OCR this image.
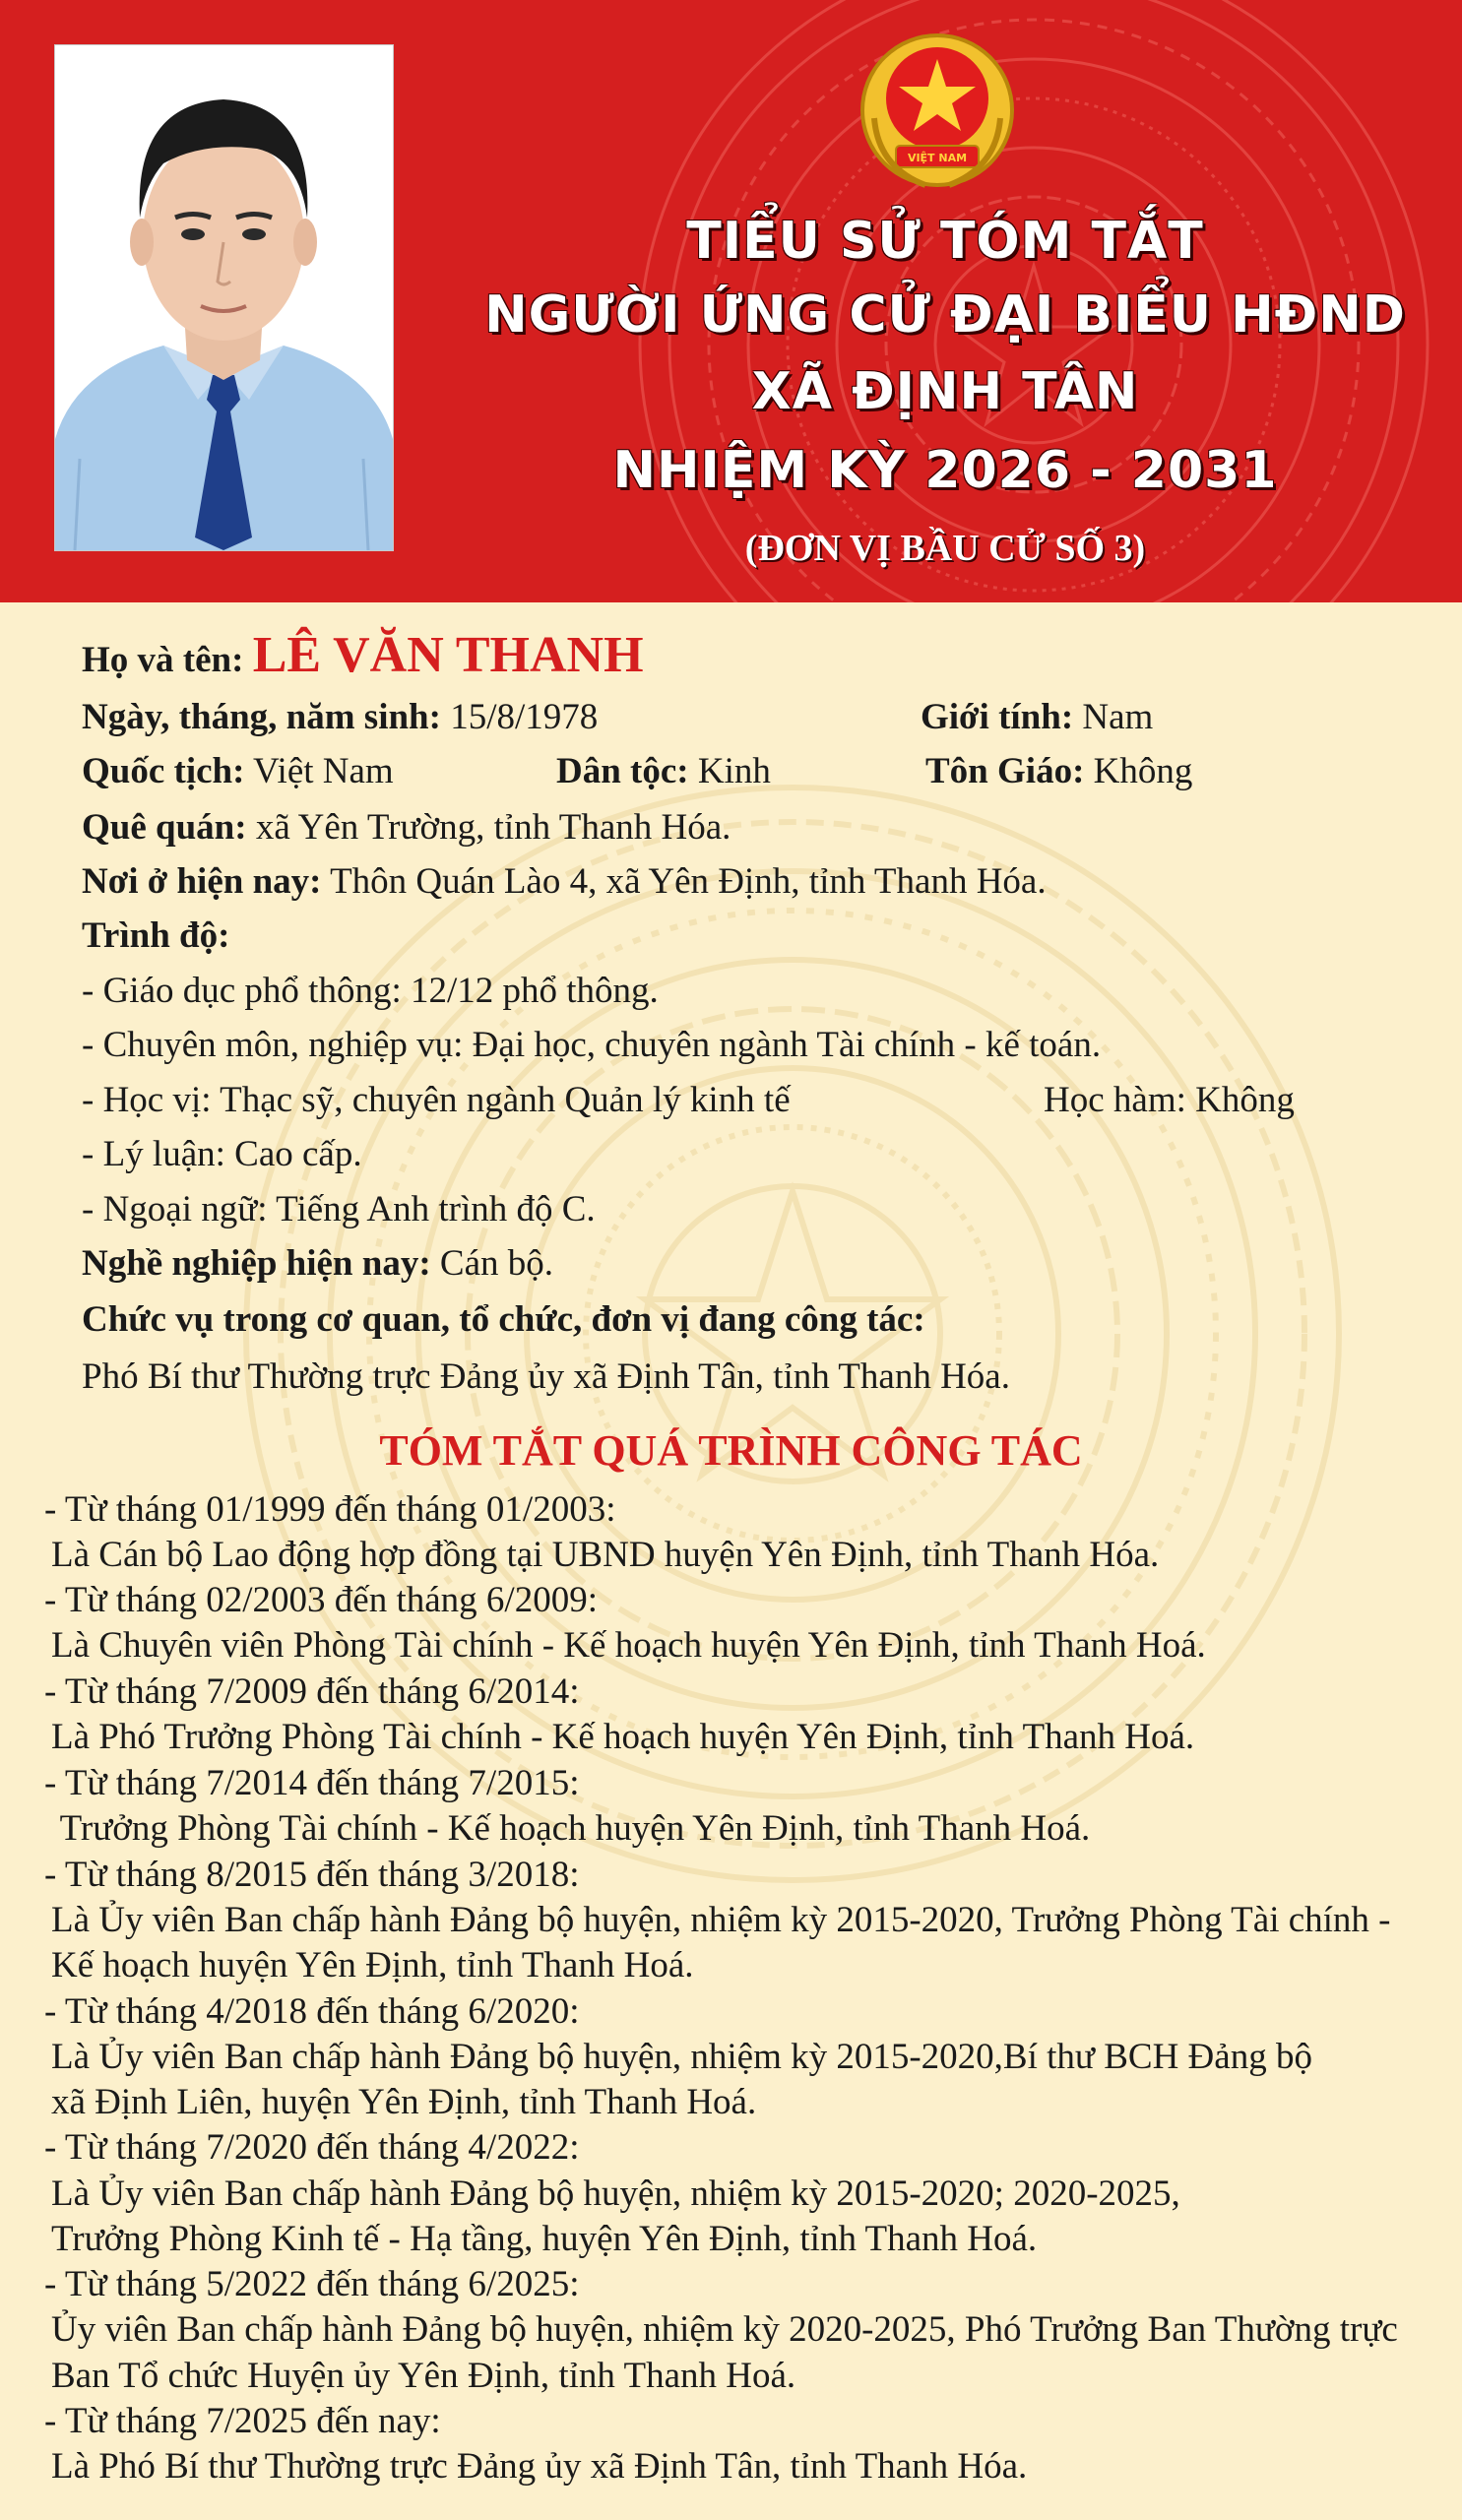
VIỆT NAM
TIỂU SỬ TÓM TẮT
NGƯỜI ỨNG CỬ ĐẠI BIỂU HĐND
XÃ ĐỊNH TÂN
NHIỆM KỲ 2026 - 2031
(ĐƠN VỊ BẦU CỬ SỐ 3)
Họ và tên: LÊ VĂN THANH
Ngày, tháng, năm sinh: 15/8/1978	Giới tính: Nam
Quốc tịch: Việt Nam	Dân tộc: Kinh	Tôn Giáo: Không
Quê quán: xã Yên Trường, tỉnh Thanh Hóa.
Nơi ở hiện nay: Thôn Quán Lào 4, xã Yên Định, tỉnh Thanh Hóa.
Trình độ:
- Giáo dục phổ thông: 12/12 phổ thông.
- Chuyên môn, nghiệp vụ: Đại học, chuyên ngành Tài chính - kế toán.
- Học vị: Thạc sỹ, chuyên ngành Quản lý kinh tế	Học hàm: Không
- Lý luận: Cao cấp.
- Ngoại ngữ: Tiếng Anh trình độ C.
Nghề nghiệp hiện nay: Cán bộ.
Chức vụ trong cơ quan, tổ chức, đơn vị đang công tác:
Phó Bí thư Thường trực Đảng ủy xã Định Tân, tỉnh Thanh Hóa.
TÓM TẮT QUÁ TRÌNH CÔNG TÁC
- Từ tháng 01/1999 đến tháng 01/2003:
Là Cán bộ Lao động hợp đồng tại UBND huyện Yên Định, tỉnh Thanh Hóa.
- Từ tháng 02/2003 đến tháng 6/2009:
Là Chuyên viên Phòng Tài chính - Kế hoạch huyện Yên Định, tỉnh Thanh Hoá.
- Từ tháng 7/2009 đến tháng 6/2014:
Là Phó Trưởng Phòng Tài chính - Kế hoạch huyện Yên Định, tỉnh Thanh Hoá.
- Từ tháng 7/2014 đến tháng 7/2015:
Trưởng Phòng Tài chính - Kế hoạch huyện Yên Định, tỉnh Thanh Hoá.
- Từ tháng 8/2015 đến tháng 3/2018:
Là Ủy viên Ban chấp hành Đảng bộ huyện, nhiệm kỳ 2015-2020, Trưởng Phòng Tài chính -
Kế hoạch huyện Yên Định, tỉnh Thanh Hoá.
- Từ tháng 4/2018 đến tháng 6/2020:
Là Ủy viên Ban chấp hành Đảng bộ huyện, nhiệm kỳ 2015-2020,Bí thư BCH Đảng bộ
xã Định Liên, huyện Yên Định, tỉnh Thanh Hoá.
- Từ tháng 7/2020 đến tháng 4/2022:
Là Ủy viên Ban chấp hành Đảng bộ huyện, nhiệm kỳ 2015-2020; 2020-2025,
Trưởng Phòng Kinh tế - Hạ tầng, huyện Yên Định, tỉnh Thanh Hoá.
- Từ tháng 5/2022 đến tháng 6/2025:
Ủy viên Ban chấp hành Đảng bộ huyện, nhiệm kỳ 2020-2025, Phó Trưởng Ban Thường trực
Ban Tổ chức Huyện ủy Yên Định, tỉnh Thanh Hoá.
- Từ tháng 7/2025 đến nay:
Là Phó Bí thư Thường trực Đảng ủy xã Định Tân, tỉnh Thanh Hóa.
